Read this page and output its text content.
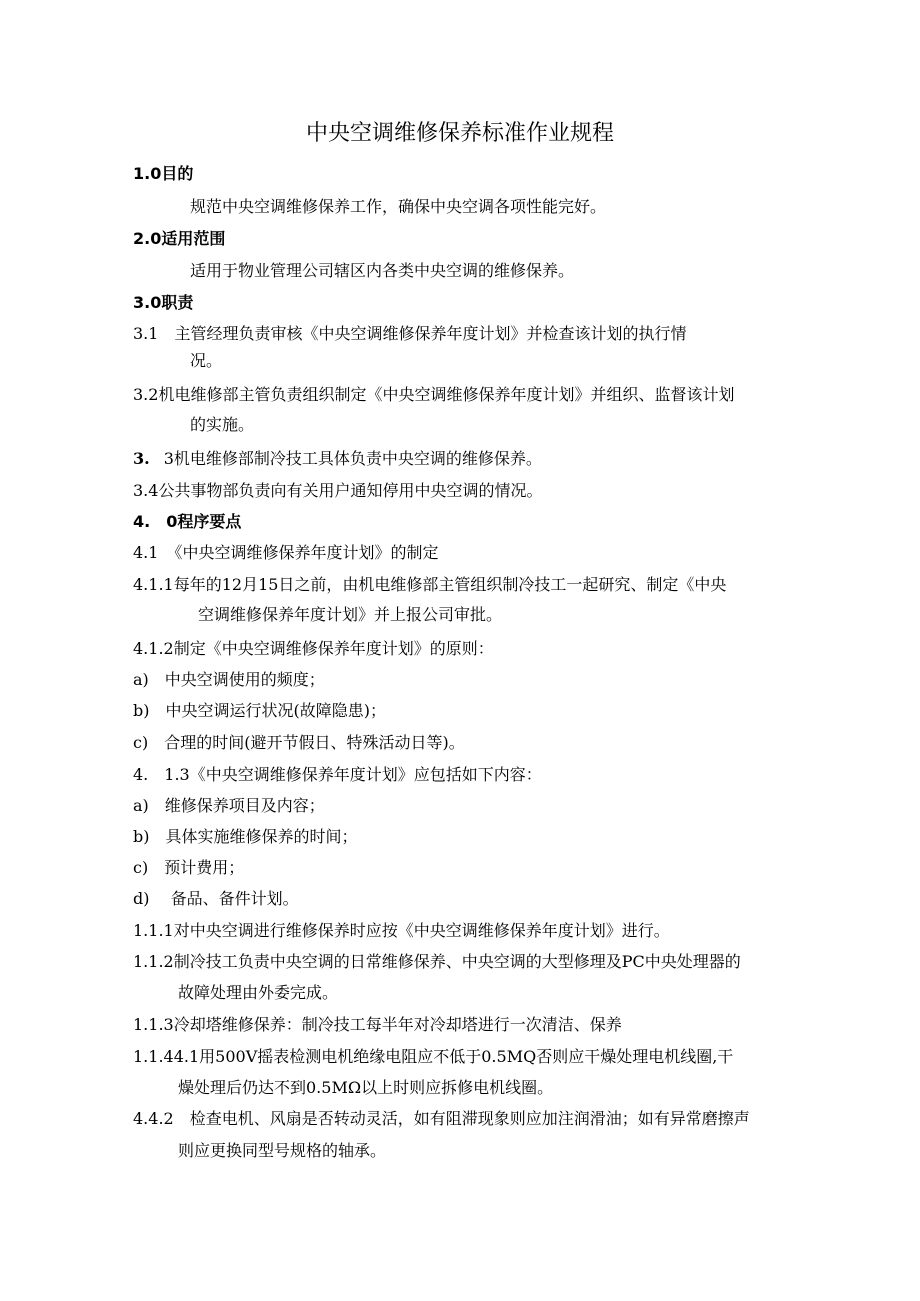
中央空调维修保养标准作业规程
1.0目的
规范中央空调维修保养工作，确保中央空调各项性能完好。
2.0适用范围
适用于物业管理公司辖区内各类中央空调的维修保养。
3.0职责
3.1　主管经理负责审核《中央空调维修保养年度计划》并检查该计划的执行情
况。
3.2机电维修部主管负责组织制定《中央空调维修保养年度计划》并组织、监督该计划
的实施。
3. 3机电维修部制冷技工具体负责中央空调的维修保养。
3.4公共事物部负责向有关用户通知停用中央空调的情况。
4.　0程序要点
4.1　《中央空调维修保养年度计划》的制定
4.1.1每年的12月15日之前，由机电维修部主管组织制冷技工一起研究、制定《中央
空调维修保养年度计划》并上报公司审批。
4.1.2制定《中央空调维修保养年度计划》的原则：
a)　中央空调使用的频度；
b)　中央空调运行状况(故障隐患)；
c)　合理的时间(避开节假日、特殊活动日等)。
4.　1.3《中央空调维修保养年度计划》应包括如下内容：
a)　维修保养项目及内容；
b)　具体实施维修保养的时间；
c)　预计费用；
d)　 备品、备件计划。
1.1.1对中央空调进行维修保养时应按《中央空调维修保养年度计划》进行。
1.1.2制冷技工负责中央空调的日常维修保养、中央空调的大型修理及PC中央处理器的
故障处理由外委完成。
1.1.3冷却塔维修保养：制冷技工每半年对冷却塔进行一次清洁、保养
1.1.44.1用500V摇表检测电机绝缘电阻应不低于0.5MQ否则应干燥处理电机线圈,干
燥处理后仍达不到0.5MΩ以上时则应拆修电机线圈。
4.4.2　检查电机、风扇是否转动灵活，如有阻滞现象则应加注润滑油；如有异常磨擦声
则应更换同型号规格的轴承。
